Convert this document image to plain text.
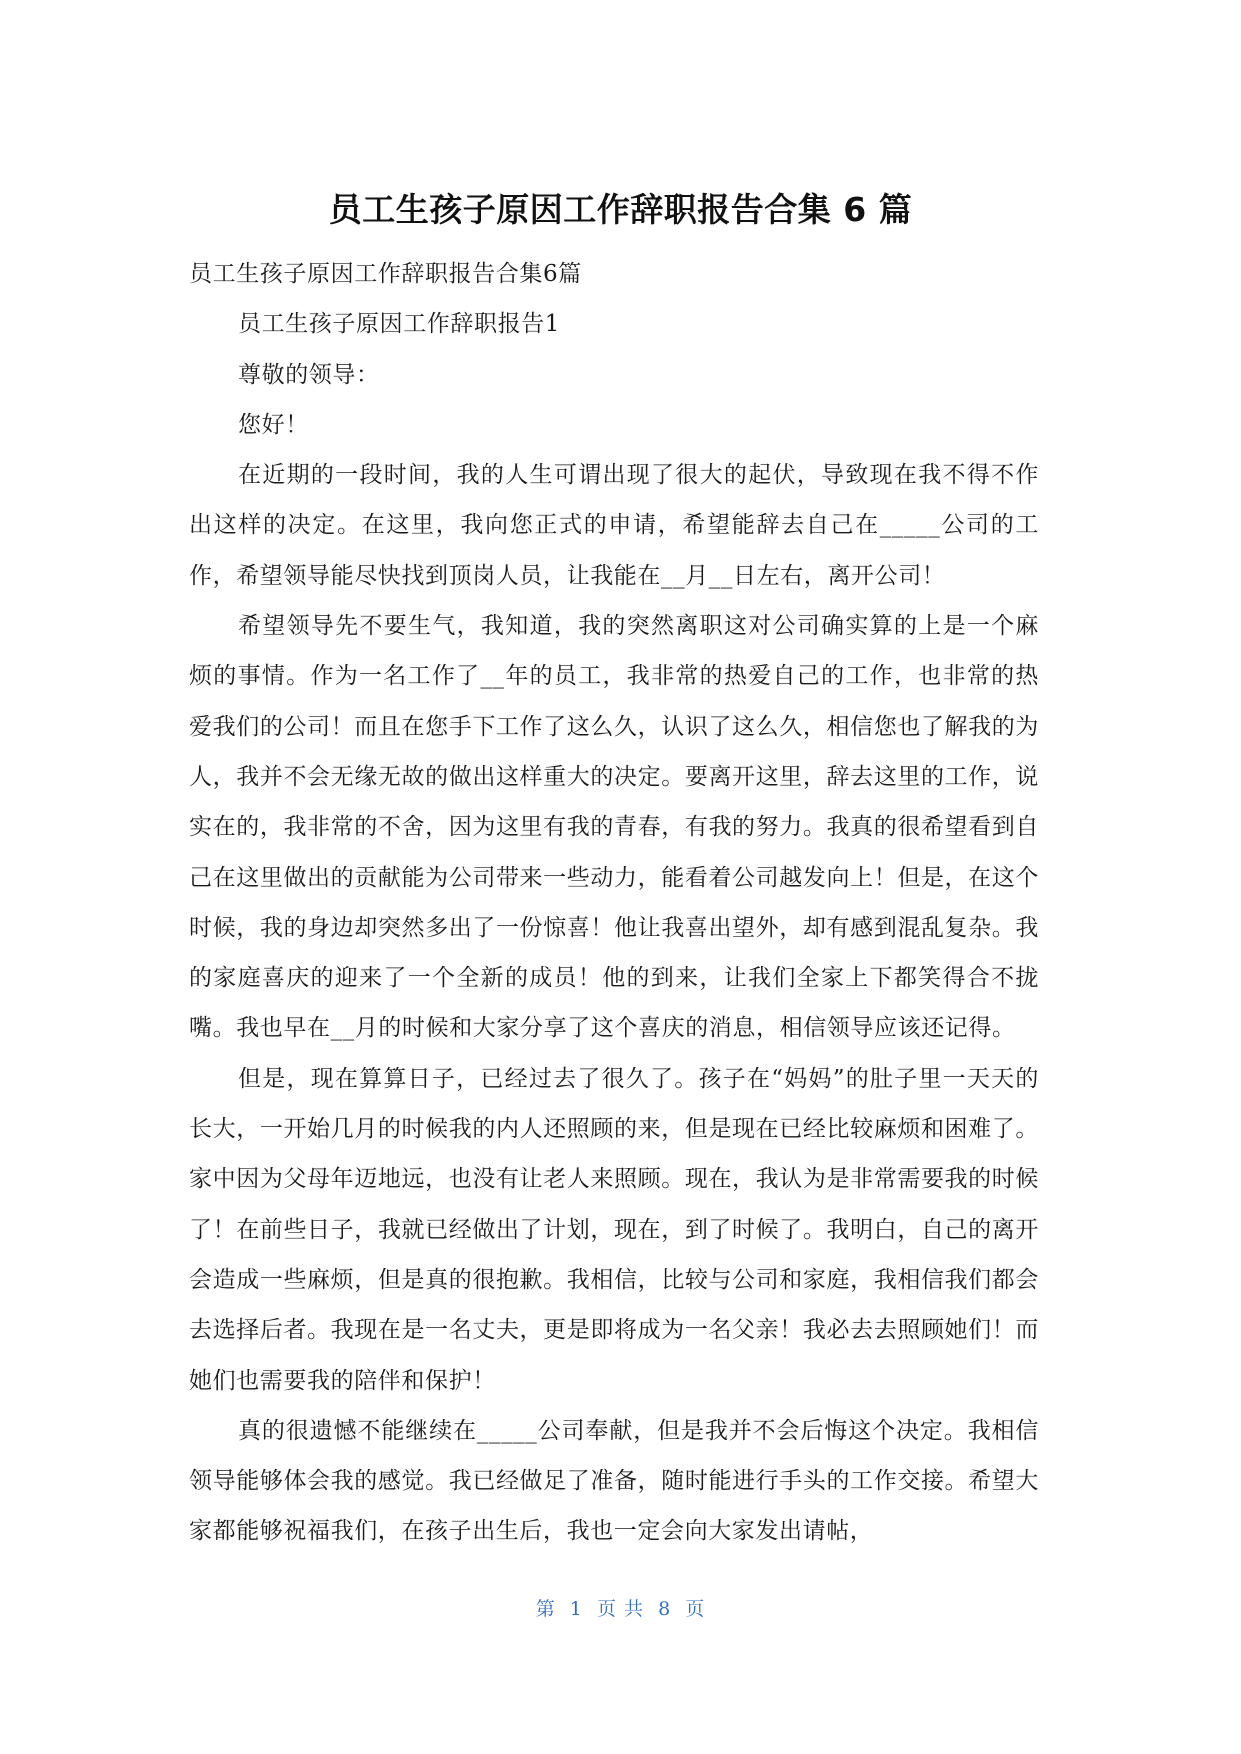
员工生孩子原因工作辞职报告合集 6 篇

员工生孩子原因工作辞职报告合集6篇

员工生孩子原因工作辞职报告1

尊敬的领导：

您好！

在近期的一段时间，我的人生可谓出现了很大的起伏，导致现在我不得不作出这样的决定。在这里，我向您正式的申请，希望能辞去自己在_____公司的工作，希望领导能尽快找到顶岗人员，让我能在__月__日左右，离开公司！

希望领导先不要生气，我知道，我的突然离职这对公司确实算的上是一个麻烦的事情。作为一名工作了__年的员工，我非常的热爱自己的工作，也非常的热爱我们的公司！而且在您手下工作了这么久，认识了这么久，相信您也了解我的为人，我并不会无缘无故的做出这样重大的决定。要离开这里，辞去这里的工作，说实在的，我非常的不舍，因为这里有我的青春，有我的努力。我真的很希望看到自己在这里做出的贡献能为公司带来一些动力，能看着公司越发向上！但是，在这个时候，我的身边却突然多出了一份惊喜！他让我喜出望外，却有感到混乱复杂。我的家庭喜庆的迎来了一个全新的成员！他的到来，让我们全家上下都笑得合不拢嘴。我也早在__月的时候和大家分享了这个喜庆的消息，相信领导应该还记得。

但是，现在算算日子，已经过去了很久了。孩子在“妈妈”的肚子里一天天的长大，一开始几月的时候我的内人还照顾的来，但是现在已经比较麻烦和困难了。家中因为父母年迈地远，也没有让老人来照顾。现在，我认为是非常需要我的时候了！在前些日子，我就已经做出了计划，现在，到了时候了。我明白，自己的离开会造成一些麻烦，但是真的很抱歉。我相信，比较与公司和家庭，我相信我们都会去选择后者。我现在是一名丈夫，更是即将成为一名父亲！我必去去照顾她们！而她们也需要我的陪伴和保护！

真的很遗憾不能继续在_____公司奉献，但是我并不会后悔这个决定。我相信领导能够体会我的感觉。我已经做足了准备，随时能进行手头的工作交接。希望大家都能够祝福我们，在孩子出生后，我也一定会向大家发出请帖，

第  1  页 共  8  页
